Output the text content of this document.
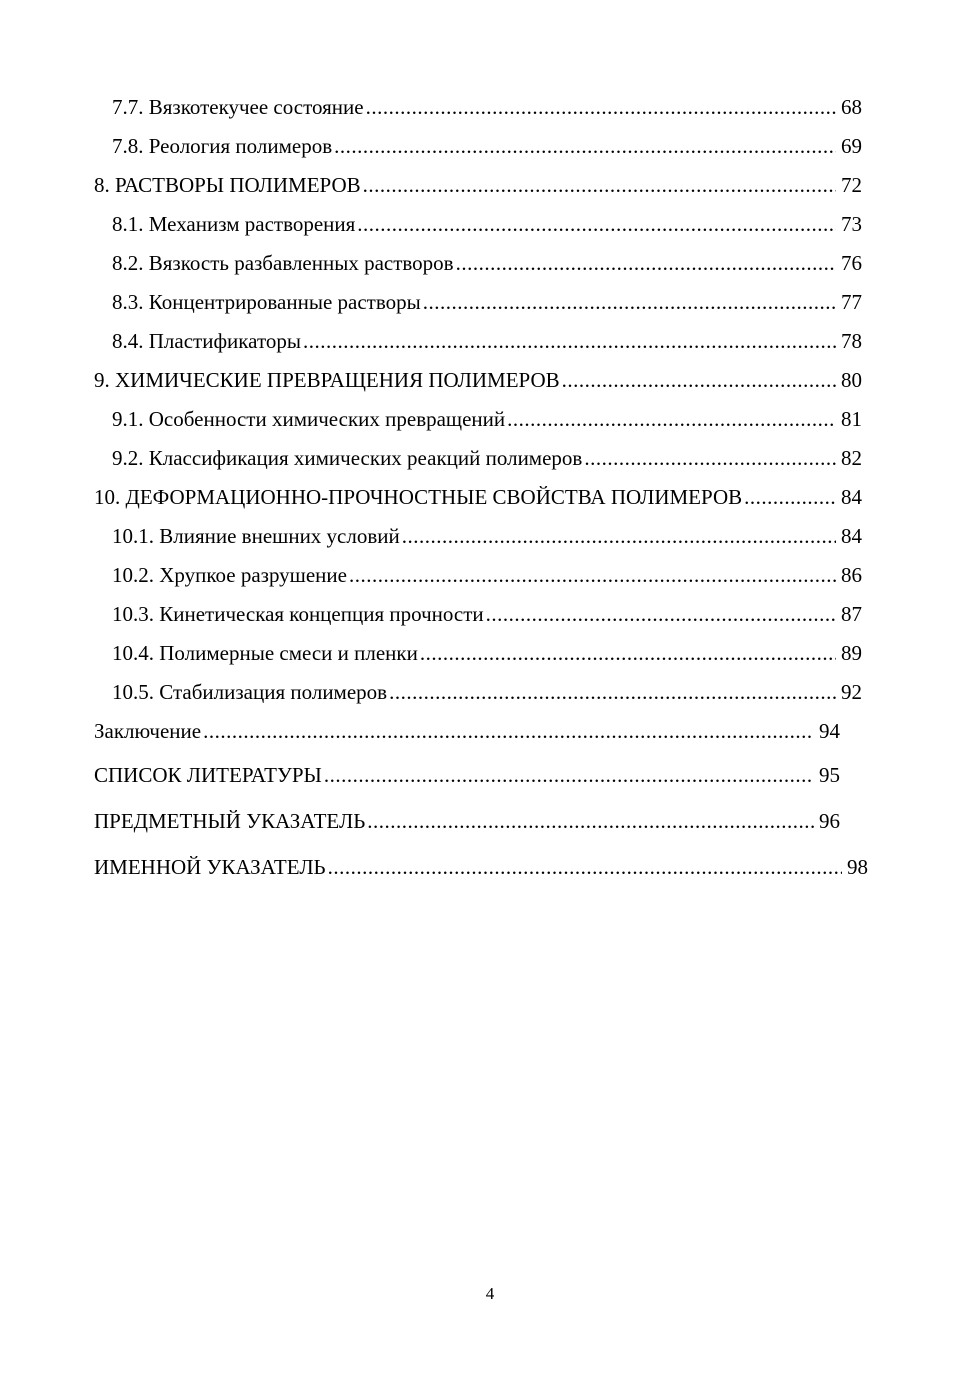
7.7. Вязкотекучее состояние .....	68
7.8. Реология полимеров .....	69
8. РАСТВОРЫ ПОЛИМЕРОВ .....	72
8.1. Механизм растворения .....	73
8.2. Вязкость разбавленных растворов .....	76
8.3. Концентрированные растворы .....	77
8.4. Пластификаторы .....	78
9. ХИМИЧЕСКИЕ ПРЕВРАЩЕНИЯ ПОЛИМЕРОВ .....	80
9.1. Особенности химических превращений .....	81
9.2. Классификация химических реакций полимеров .....	82
10. ДЕФОРМАЦИОННО-ПРОЧНОСТНЫЕ СВОЙСТВА ПОЛИМЕРОВ .....	84
10.1. Влияние внешних условий .....	84
10.2. Хрупкое разрушение .....	86
10.3. Кинетическая концепция прочности .....	87
10.4. Полимерные смеси и пленки .....	89
10.5. Стабилизация полимеров .....	92
Заключение .....	94
СПИСОК ЛИТЕРАТУРЫ .....	95
ПРЕДМЕТНЫЙ УКАЗАТЕЛЬ .....	96
ИМЕННОЙ УКАЗАТЕЛЬ .....	98
4
